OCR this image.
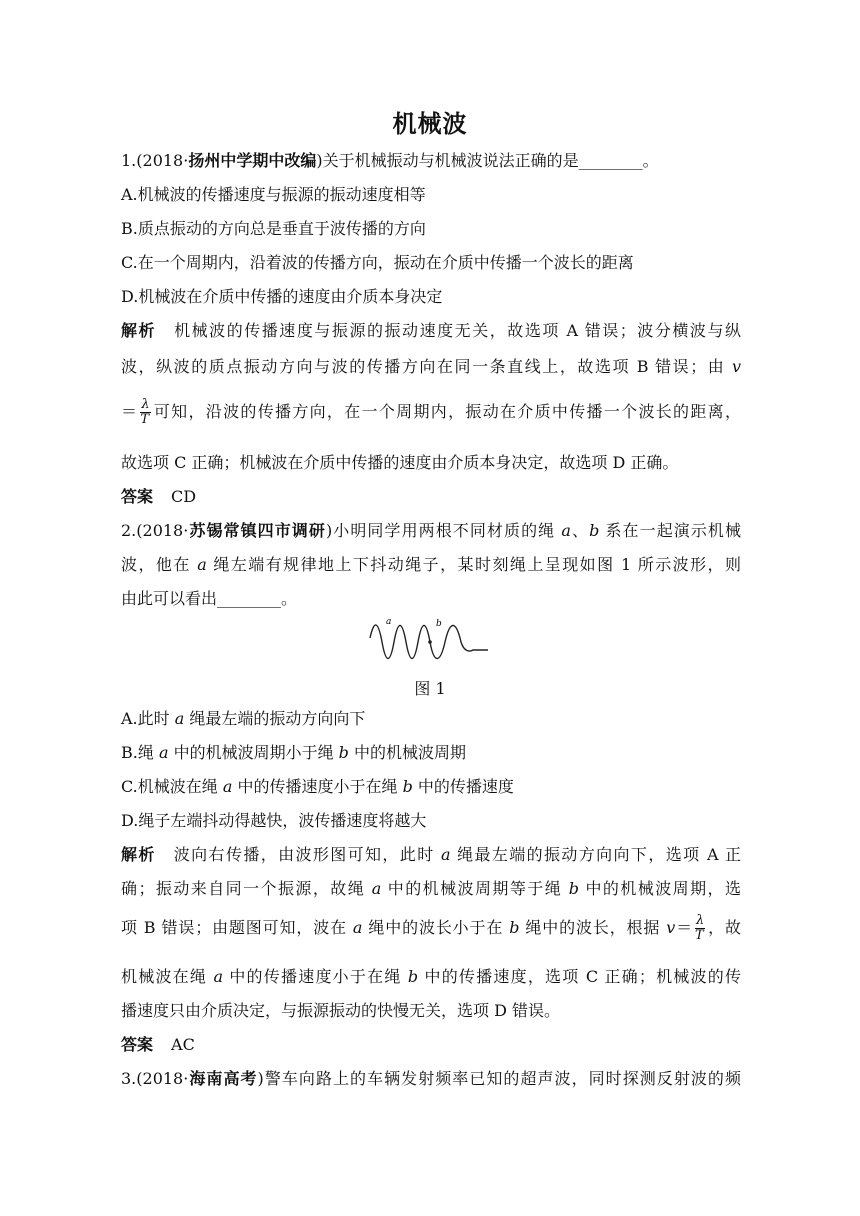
机械波
1.(2018·扬州中学期中改编)关于机械振动与机械波说法正确的是________。
A.机械波的传播速度与振源的振动速度相等
B.质点振动的方向总是垂直于波传播的方向
C.在一个周期内，沿着波的传播方向，振动在介质中传播一个波长的距离
D.机械波在介质中传播的速度由介质本身决定
解析 机械波的传播速度与振源的振动速度无关，故选项 A 错误；波分横波与纵
波，纵波的质点振动方向与波的传播方向在同一条直线上，故选项 B 错误；由 v
＝ $\frac{\lambda}{T}$ 可知，沿波的传播方向，在一个周期内，振动在介质中传播一个波长的距离，
故选项 C 正确；机械波在介质中传播的速度由介质本身决定，故选项 D 正确。
答案 CD
2.(2018·苏锡常镇四市调研)小明同学用两根不同材质的绳 a、b 系在一起演示机械
波，他在 a 绳左端有规律地上下抖动绳子，某时刻绳上呈现如图 1 所示波形，则
由此可以看出________。
a	b
图 1
A.此时 a 绳最左端的振动方向向下
B.绳 a 中的机械波周期小于绳 b 中的机械波周期
C.机械波在绳 a 中的传播速度小于在绳 b 中的传播速度
D.绳子左端抖动得越快，波传播速度将越大
解析 波向右传播，由波形图可知，此时 a 绳最左端的振动方向向下，选项 A 正
确；振动来自同一个振源，故绳 a 中的机械波周期等于绳 b 中的机械波周期，选
项 B 错误；由题图可知，波在 a 绳中的波长小于在 b 绳中的波长，根据 $v= \frac{\lambda}{T}$ ，故
机械波在绳 a 中的传播速度小于在绳 b 中的传播速度，选项 C 正确；机械波的传
播速度只由介质决定，与振源振动的快慢无关，选项 D 错误。
答案 AC
3.(2018·海南高考)警车向路上的车辆发射频率已知的超声波，同时探测反射波的频
